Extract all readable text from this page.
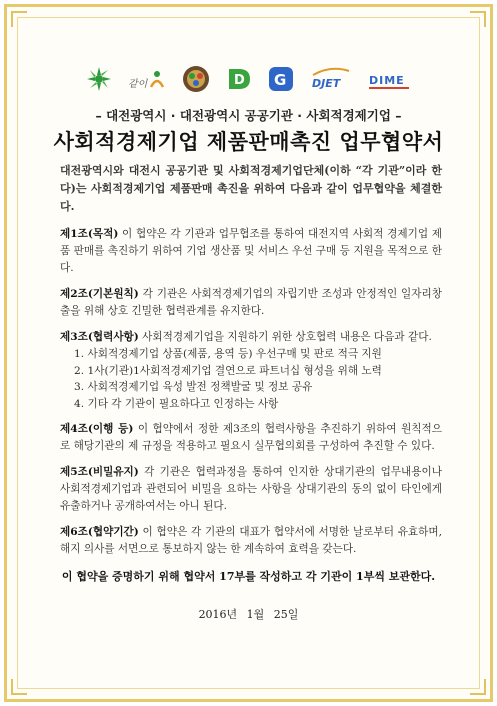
같이	D G DJET	DIME
– 대전광역시 · 대전광역시 공공기관 · 사회적경제기업 –
사회적경제기업 제품판매촉진 업무협약서
대전광역시와 대전시 공공기관 및 사회적경제기업단체(이하 “각 기관”이라 한다)는 사회적경제기업 제품판매 촉진을 위하여 다음과 같이 업무협약을 체결한다.
제1조(목적) 이 협약은 각 기관과 업무협조를 통하여 대전지역 사회적 경제기업 제품 판매를 촉진하기 위하여 기업 생산품 및 서비스 우선 구매 등 지원을 목적으로 한다.
제2조(기본원칙) 각 기관은 사회적경제기업의 자립기반 조성과 안정적인 일자리창출을 위해 상호 긴밀한 협력관계를 유지한다.
제3조(협력사항) 사회적경제기업을 지원하기 위한 상호협력 내용은 다음과 같다.
1. 사회적경제기업 상품(제품, 용역 등) 우선구매 및 판로 적극 지원
2. 1사(기관)1사회적경제기업 결연으로 파트너십 형성을 위해 노력
3. 사회적경제기업 육성 발전 정책발굴 및 정보 공유
4. 기타 각 기관이 필요하다고 인정하는 사항
제4조(이행 등) 이 협약에서 정한 제3조의 협력사항을 추진하기 위하여 원칙적으로 해당기관의 제 규정을 적용하고 필요시 실무협의회를 구성하여 추진할 수 있다.
제5조(비밀유지) 각 기관은 협력과정을 통하여 인지한 상대기관의 업무내용이나 사회적경제기업과 관련되어 비밀을 요하는 사항을 상대기관의 동의 없이 타인에게 유출하거나 공개하여서는 아니 된다.
제6조(협약기간) 이 협약은 각 기관의 대표가 협약서에 서명한 날로부터 유효하며, 해지 의사를 서면으로 통보하지 않는 한 계속하여 효력을 갖는다.
이 협약을 증명하기 위해 협약서 17부를 작성하고 각 기관이 1부씩 보관한다.
2016년 1월 25일
